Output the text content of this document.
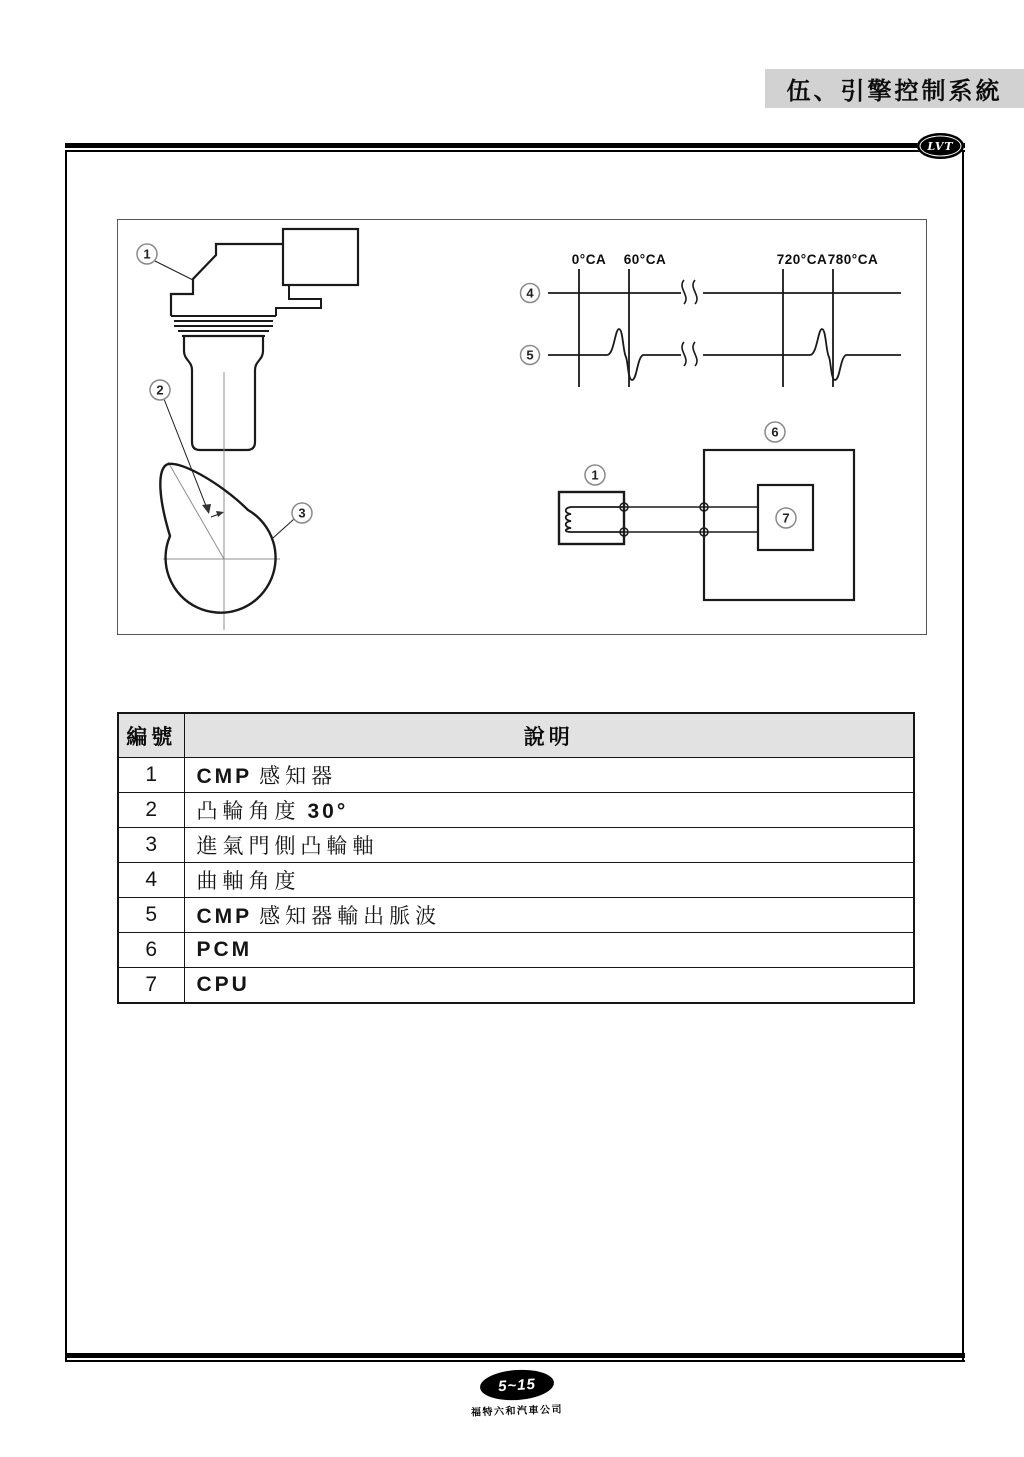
伍、引擎控制系統
LVT
1
2
3
0°CA 60°CA	720°CA 780°CA
4
5
1
6
7
編號	說明
1	CMP 感知器
2	凸輪角度 30°
3	進氣門側凸輪軸
4	曲軸角度
5	CMP 感知器輸出脈波
6	PCM
7	CPU
5~15
福特六和汽車公司
